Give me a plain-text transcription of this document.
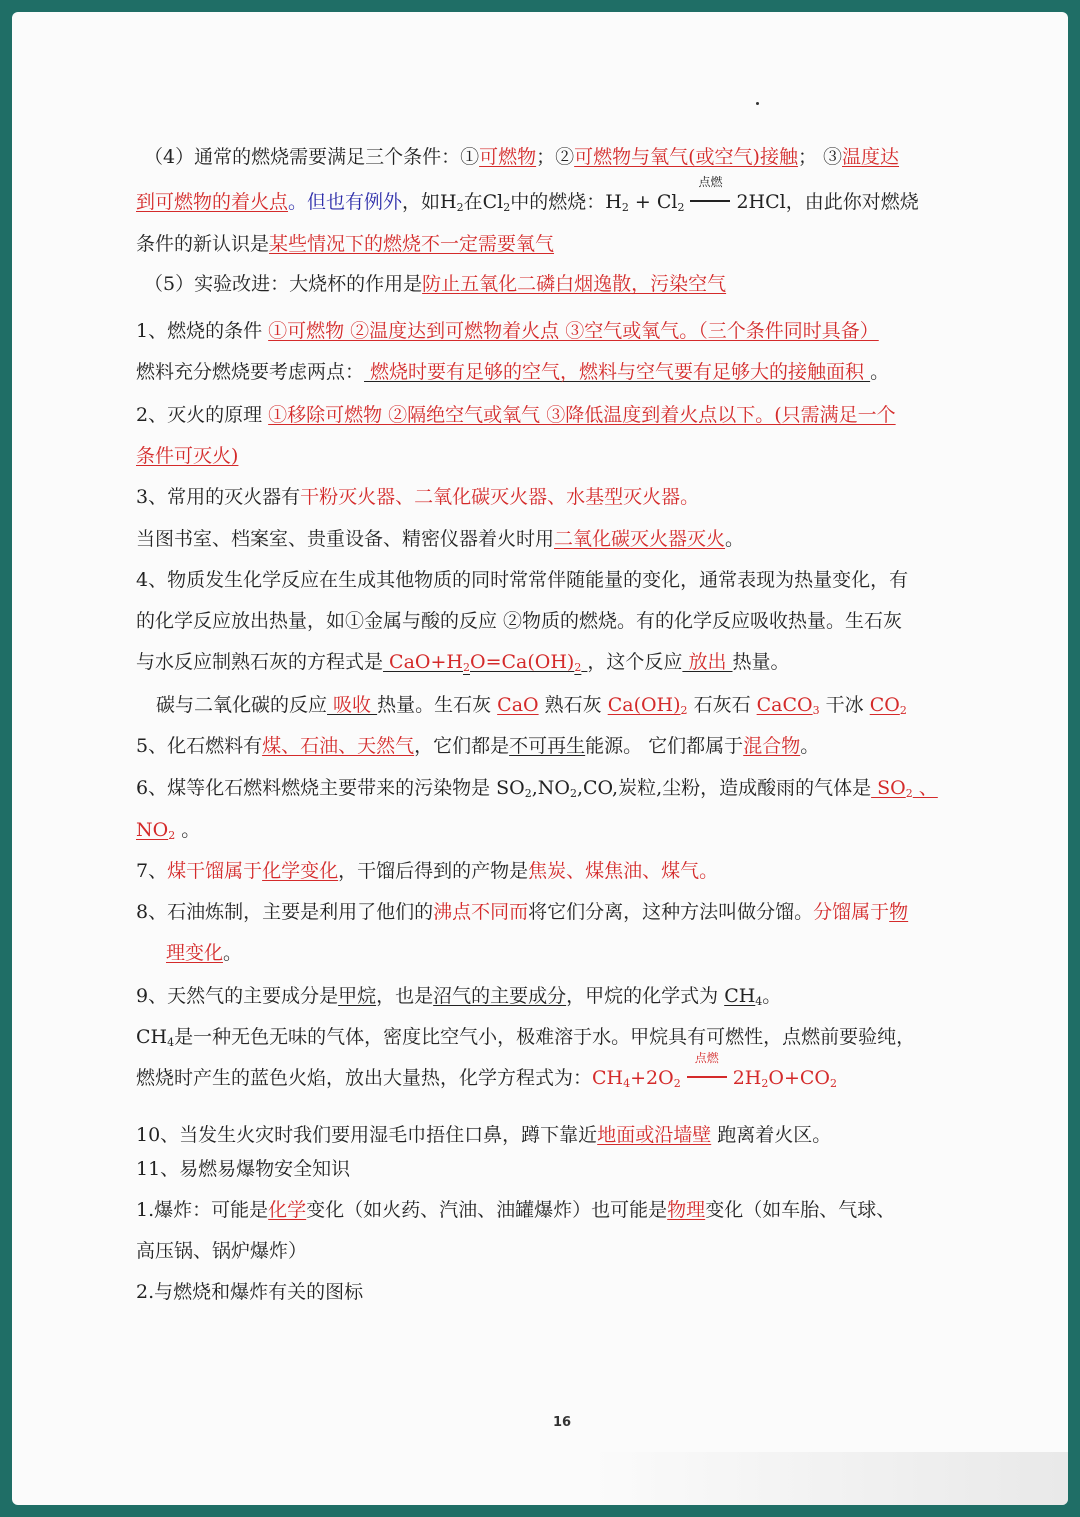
（4）通常的燃烧需要满足三个条件：①可燃物；②可燃物与氧气(或空气)接触； ③温度达
到可燃物的着火点。但也有例外，如$H_2$在$Cl_2$中的燃烧：$H_2 + Cl_2$
点燃
2HCl，由此你对燃烧
条件的新认识是某些情况下的燃烧不一定需要氧气
（5）实验改进：大烧杯的作用是防止五氧化二磷白烟逸散，污染空气
1、燃烧的条件 ①可燃物 ②温度达到可燃物着火点 ③空气或氧气。（三个条件同时具备）
燃料充分燃烧要考虑两点： 燃烧时要有足够的空气，燃料与空气要有足够大的接触面积 。
2、灭火的原理 ①移除可燃物 ②隔绝空气或氧气 ③降低温度到着火点以下。(只需满足一个
条件可灭火)
3、常用的灭火器有干粉灭火器、二氧化碳灭火器、水基型灭火器。
当图书室、档案室、贵重设备、精密仪器着火时用二氧化碳灭火器灭火。
4、物质发生化学反应在生成其他物质的同时常常伴随能量的变化，通常表现为热量变化，有
的化学反应放出热量，如①金属与酸的反应 ②物质的燃烧。有的化学反应吸收热量。生石灰
与水反应制熟石灰的方程式是 $CaO+H_2O=Ca(OH)_2$ ，这个反应 放出 热量。
碳与二氧化碳的反应 吸收 热量。生石灰 CaO 熟石灰 $Ca(OH)_2$ 石灰石 CaCO$_3$ 干冰 $CO_2$
5、化石燃料有煤、石油、天然气，它们都是不可再生能源。 它们都属于混合物。
6、煤等化石燃料燃烧主要带来的污染物是 $SO_2,NO_2,CO$,炭粒,尘粉，造成酸雨的气体是 $SO_2$ 、
$NO_2$ 。
7、煤干馏属于化学变化，干馏后得到的产物是焦炭、煤焦油、煤气。
8、石油炼制，主要是利用了他们的沸点不同而将它们分离，这种方法叫做分馏。分馏属于物
理变化。
9、天然气的主要成分是甲烷，也是沼气的主要成分，甲烷的化学式为 $CH_4$。
$CH_4$是一种无色无味的气体，密度比空气小，极难溶于水。甲烷具有可燃性，点燃前要验纯，
燃烧时产生的蓝色火焰，放出大量热，化学方程式为：$CH_4+2O_2$
点燃
$2H_2O+CO_2$
10、当发生火灾时我们要用湿毛巾捂住口鼻，蹲下靠近地面或沿墙壁 跑离着火区。
11、易燃易爆物安全知识
1.爆炸：可能是化学变化（如火药、汽油、油罐爆炸）也可能是物理变化（如车胎、气球、
高压锅、锅炉爆炸）
2.与燃烧和爆炸有关的图标
16
